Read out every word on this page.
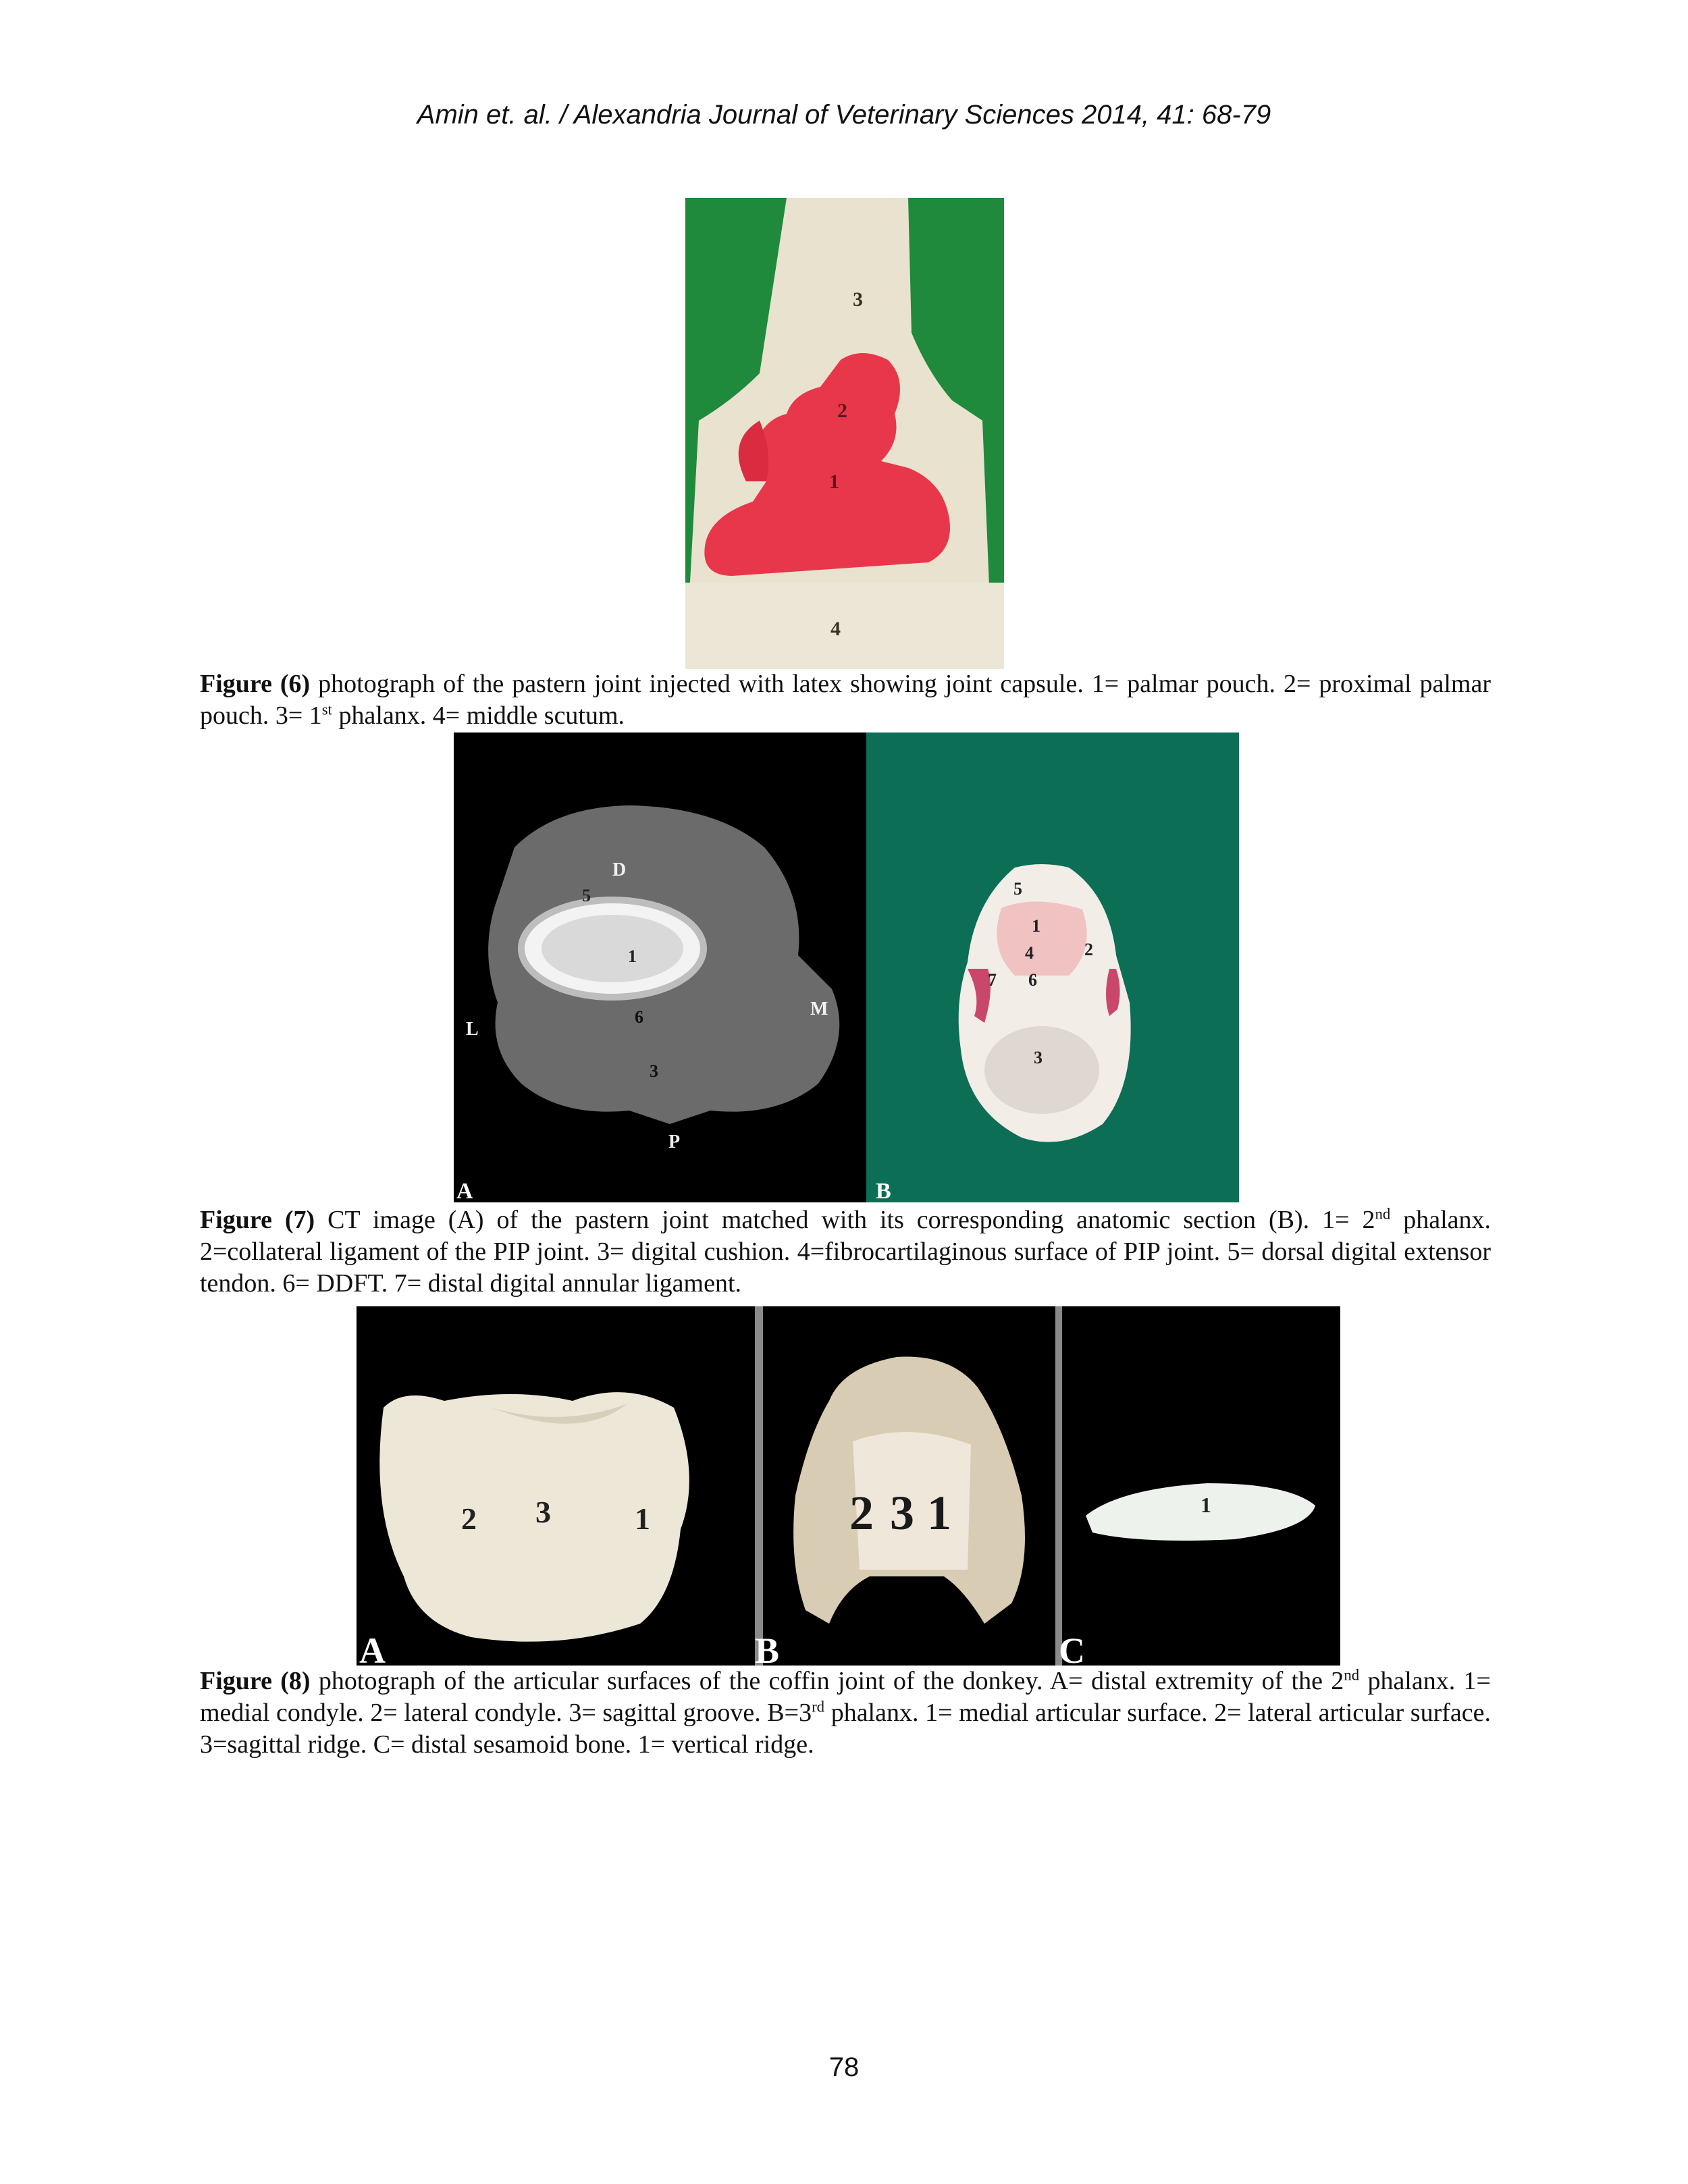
Amin et. al. / Alexandria Journal of Veterinary Sciences 2014, 41: 68-79
3
2
1
4
Figure (6) photograph of the pastern joint injected with latex showing joint capsule. 1= palmar pouch. 2= proximal palmar pouch. 3= 1st phalanx. 4= middle scutum.
D
L
M
P
5
1
6
3
A
5
1
4	2
7 6
3
B
Figure (7) CT image (A) of the pastern joint matched with its corresponding anatomic section (B). 1= 2nd phalanx. 2=collateral ligament of the PIP joint. 3= digital cushion. 4=fibrocartilaginous surface of PIP joint. 5= dorsal digital extensor tendon. 6= DDFT. 7= distal digital annular ligament.
2 3	1
A
2 3 1
B
1
C
Figure (8) photograph of the articular surfaces of the coffin joint of the donkey. A= distal extremity of the 2nd phalanx. 1= medial condyle. 2= lateral condyle. 3= sagittal groove. B=3rd phalanx. 1= medial articular surface. 2= lateral articular surface. 3=sagittal ridge. C= distal sesamoid bone. 1= vertical ridge.
78
